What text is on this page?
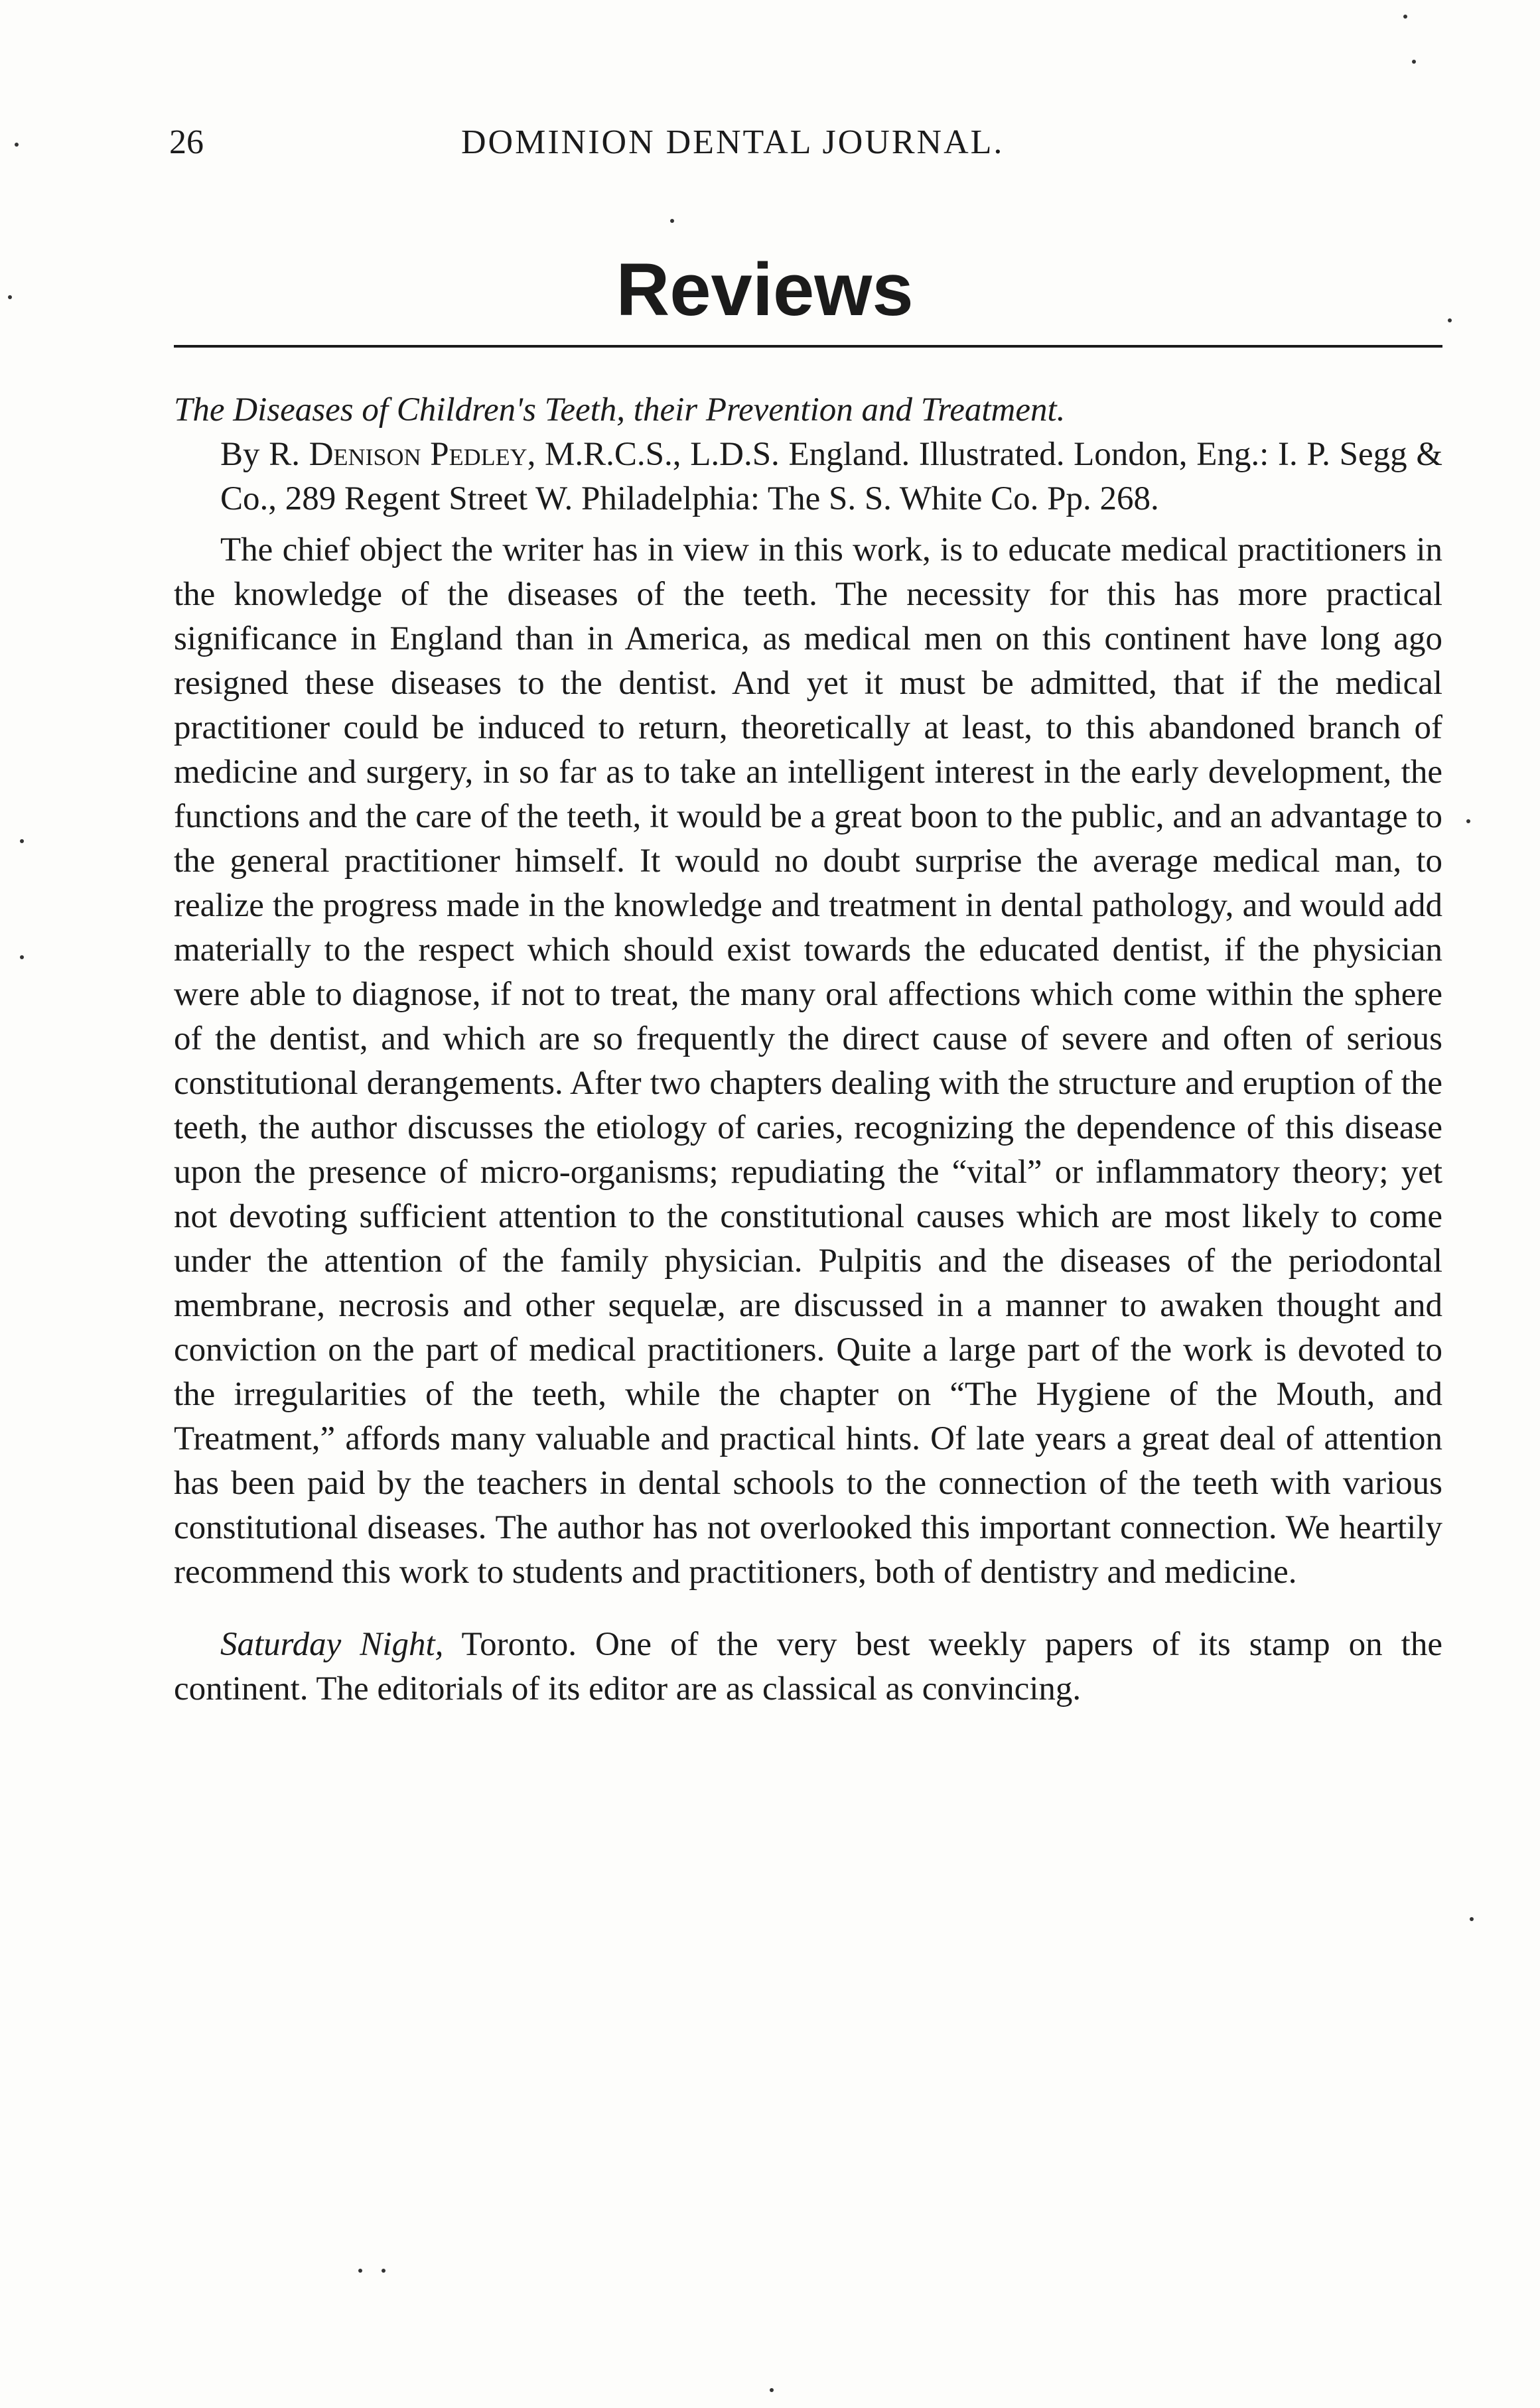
26	DOMINION DENTAL JOURNAL.
Reviews

The Diseases of Children's Teeth, their Prevention and Treatment.
By R. Denison Pedley, M.R.C.S., L.D.S. England. Illustrated. London, Eng.: I. P. Segg & Co., 289 Regent Street W. Philadelphia: The S. S. White Co. Pp. 268.

The chief object the writer has in view in this work, is to educate medical practitioners in the knowledge of the diseases of the teeth. The necessity for this has more practical significance in England than in America, as medical men on this continent have long ago resigned these diseases to the dentist. And yet it must be admitted, that if the medical practitioner could be induced to return, theoretically at least, to this abandoned branch of medicine and surgery, in so far as to take an intelligent interest in the early development, the functions and the care of the teeth, it would be a great boon to the public, and an advantage to the general practitioner himself. It would no doubt surprise the average medical man, to realize the progress made in the knowledge and treatment in dental pathology, and would add materially to the respect which should exist towards the educated dentist, if the physician were able to diagnose, if not to treat, the many oral affections which come within the sphere of the dentist, and which are so frequently the direct cause of severe and often of serious constitutional derangements. After two chapters dealing with the structure and eruption of the teeth, the author discusses the etiology of caries, recognizing the dependence of this disease upon the presence of micro-organisms; repudiating the “vital” or inflammatory theory; yet not devoting sufficient attention to the constitutional causes which are most likely to come under the attention of the family physician. Pulpitis and the diseases of the periodontal membrane, necrosis and other sequelæ, are discussed in a manner to awaken thought and conviction on the part of medical practitioners. Quite a large part of the work is devoted to the irregularities of the teeth, while the chapter on “The Hygiene of the Mouth, and Treatment,” affords many valuable and practical hints. Of late years a great deal of attention has been paid by the teachers in dental schools to the connection of the teeth with various constitutional diseases. The author has not overlooked this important connection. We heartily recommend this work to students and practitioners, both of dentistry and medicine.

Saturday Night, Toronto. One of the very best weekly papers of its stamp on the continent. The editorials of its editor are as classical as convincing.
